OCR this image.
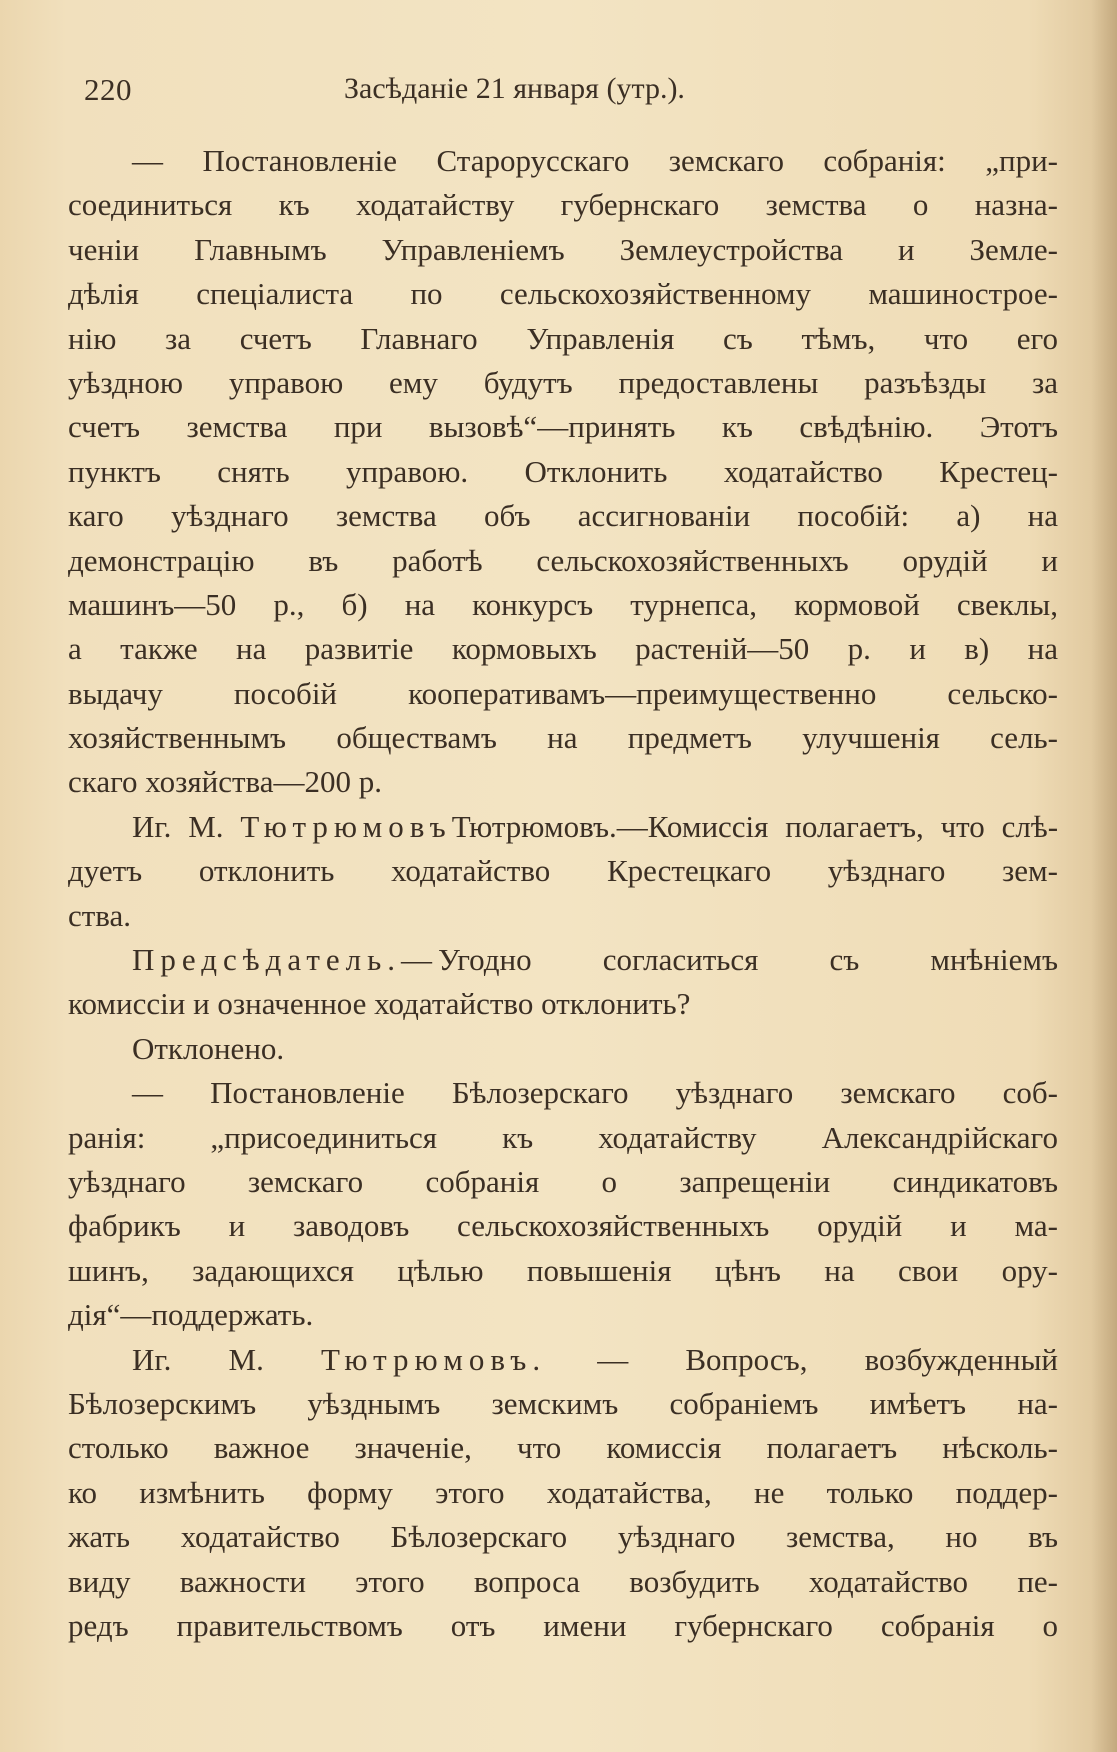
220	Засѣданіе 21 января (утр.).
— Постановленіе Старорусскаго земскаго собранія: „при-
соединиться къ ходатайству губернскаго земства о назна-
ченіи Главнымъ Управленіемъ Землеустройства и Земле-
дѣлія спеціалиста по сельскохозяйственному машинострое-
нію за счетъ Главнаго Управленія съ тѣмъ, что его
уѣздною управою ему будутъ предоставлены разъѣзды за
счетъ земства при вызовѣ“—принять къ свѣдѣнію. Этотъ
пунктъ снять управою. Отклонить ходатайство Крестец-
каго уѣзднаго земства объ ассигнованіи пособій: а) на
демонстрацію въ работѣ сельскохозяйственныхъ орудій и
машинъ—50 р., б) на конкурсъ турнепса, кормовой свеклы,
а также на развитіе кормовыхъ растеній—50 р. и в) на
выдачу пособій кооперативамъ—преимущественно сельско-
хозяйственнымъ обществамъ на предметъ улучшенія сель-
скаго хозяйства—200 р.
Иг. М. ТютрюмовъТютрюмовъ.—Комиссія полагаетъ, что слѣ-
дуетъ отклонить ходатайство Крестецкаго уѣзднаго зем-
ства.
Предсѣдатель.—Угодно согласиться съ мнѣніемъ
комиссіи и означенное ходатайство отклонить?
Отклонено.
— Постановленіе Бѣлозерскаго уѣзднаго земскаго соб-
ранія: „присоединиться къ ходатайству Александрійскаго
уѣзднаго земскаго собранія о запрещеніи синдикатовъ
фабрикъ и заводовъ сельскохозяйственныхъ орудій и ма-
шинъ, задающихся цѣлью повышенія цѣнъ на свои ору-
дія“—поддержать.
Иг. М. Тютрюмовъ. — Вопросъ, возбужденный
Бѣлозерскимъ уѣзднымъ земскимъ собраніемъ имѣетъ на-
столько важное значеніе, что комиссія полагаетъ нѣсколь-
ко измѣнить форму этого ходатайства, не только поддер-
жать ходатайство Бѣлозерскаго уѣзднаго земства, но въ
виду важности этого вопроса возбудить ходатайство пе-
редъ правительствомъ отъ имени губернскаго собранія о
